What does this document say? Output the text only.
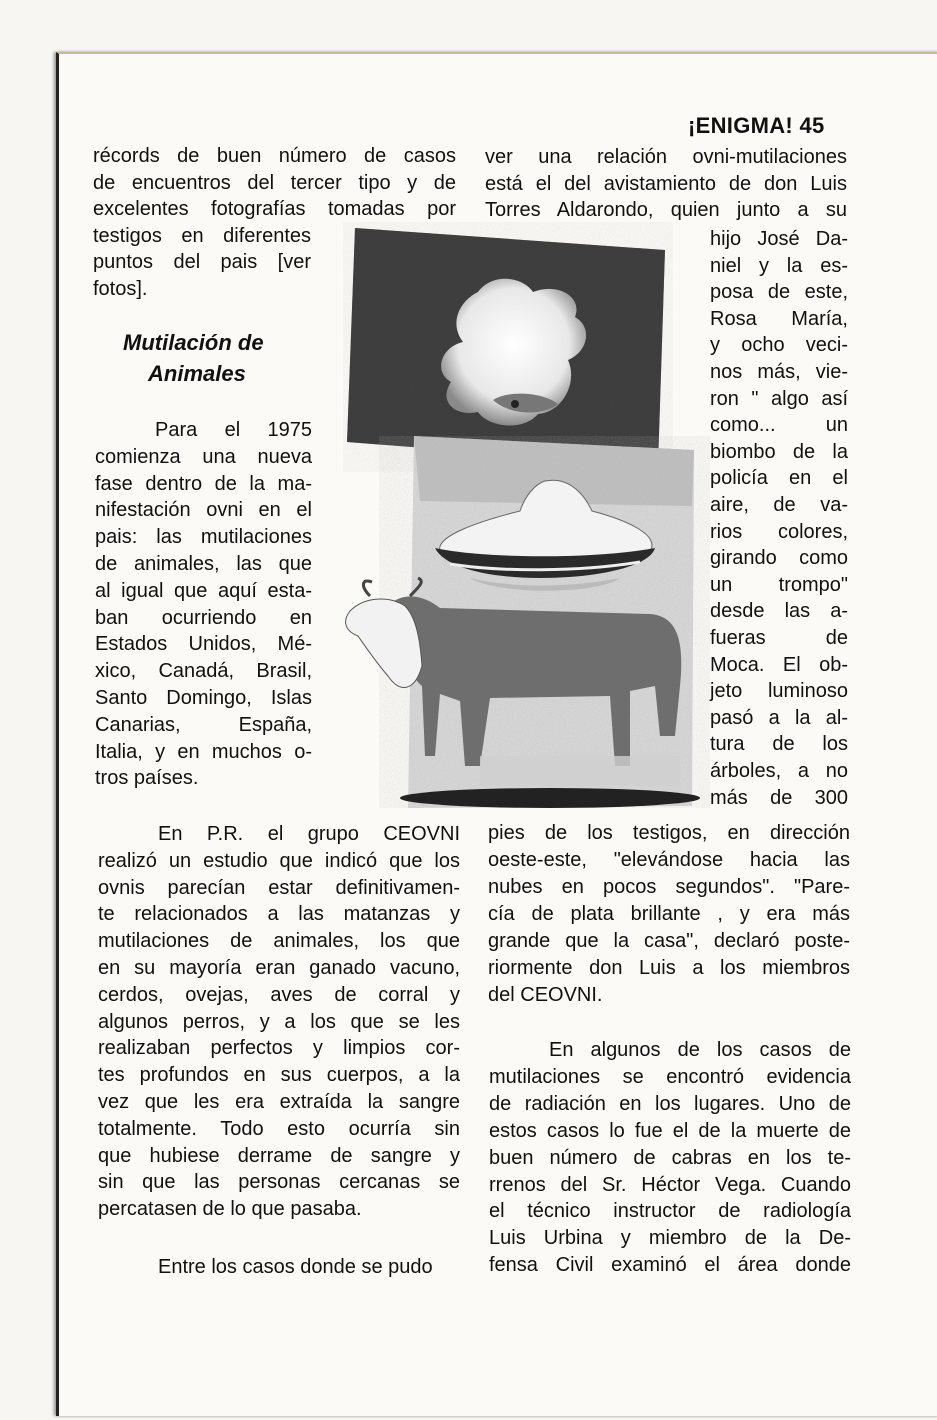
¡ENIGMA! 45
récords de buen número de casos
de encuentros del tercer tipo y de
excelentes fotografías tomadas por
testigos en diferentes
puntos del pais [ver
fotos].
Para el 1975
comienza una nueva
fase dentro de la ma-
nifestación ovni en el
pais: las mutilaciones
de animales, las que
al igual que aquí esta-
ban ocurriendo en
Estados Unidos, Mé-
xico, Canadá, Brasil,
Santo Domingo, Islas
Canarias, España,
Italia, y en muchos o-
tros países.
En P.R. el grupo CEOVNI
realizó un estudio que indicó que los
ovnis parecían estar definitivamen-
te relacionados a las matanzas y
mutilaciones de animales, los que
en su mayoría eran ganado vacuno,
cerdos, ovejas, aves de corral y
algunos perros, y a los que se les
realizaban perfectos y limpios cor-
tes profundos en sus cuerpos, a la
vez que les era extraída la sangre
totalmente. Todo esto ocurría sin
que hubiese derrame de sangre y
sin que las personas cercanas se
percatasen de lo que pasaba.
Entre los casos donde se pudo
ver una relación ovni-mutilaciones
está el del avistamiento de don Luis
Torres Aldarondo, quien junto a su
hijo José Da-
niel y la es-
posa de este,
Rosa María,
y ocho veci-
nos más, vie-
ron " algo así
como... un
biombo de la
policía en el
aire, de va-
rios colores,
girando como
un trompo"
desde las a-
fueras de
Moca. El ob-
jeto luminoso
pasó a la al-
tura de los
árboles, a no
más de 300
pies de los testigos, en dirección
oeste-este, "elevándose hacia las
nubes en pocos segundos". "Pare-
cía de plata brillante , y era más
grande que la casa", declaró poste-
riormente don Luis a los miembros
del CEOVNI.
En algunos de los casos de
mutilaciones se encontró evidencia
de radiación en los lugares. Uno de
estos casos lo fue el de la muerte de
buen número de cabras en los te-
rrenos del Sr. Héctor Vega. Cuando
el técnico instructor de radiología
Luis Urbina y miembro de la De-
fensa Civil examinó el área donde
Mutilación de
Animales
